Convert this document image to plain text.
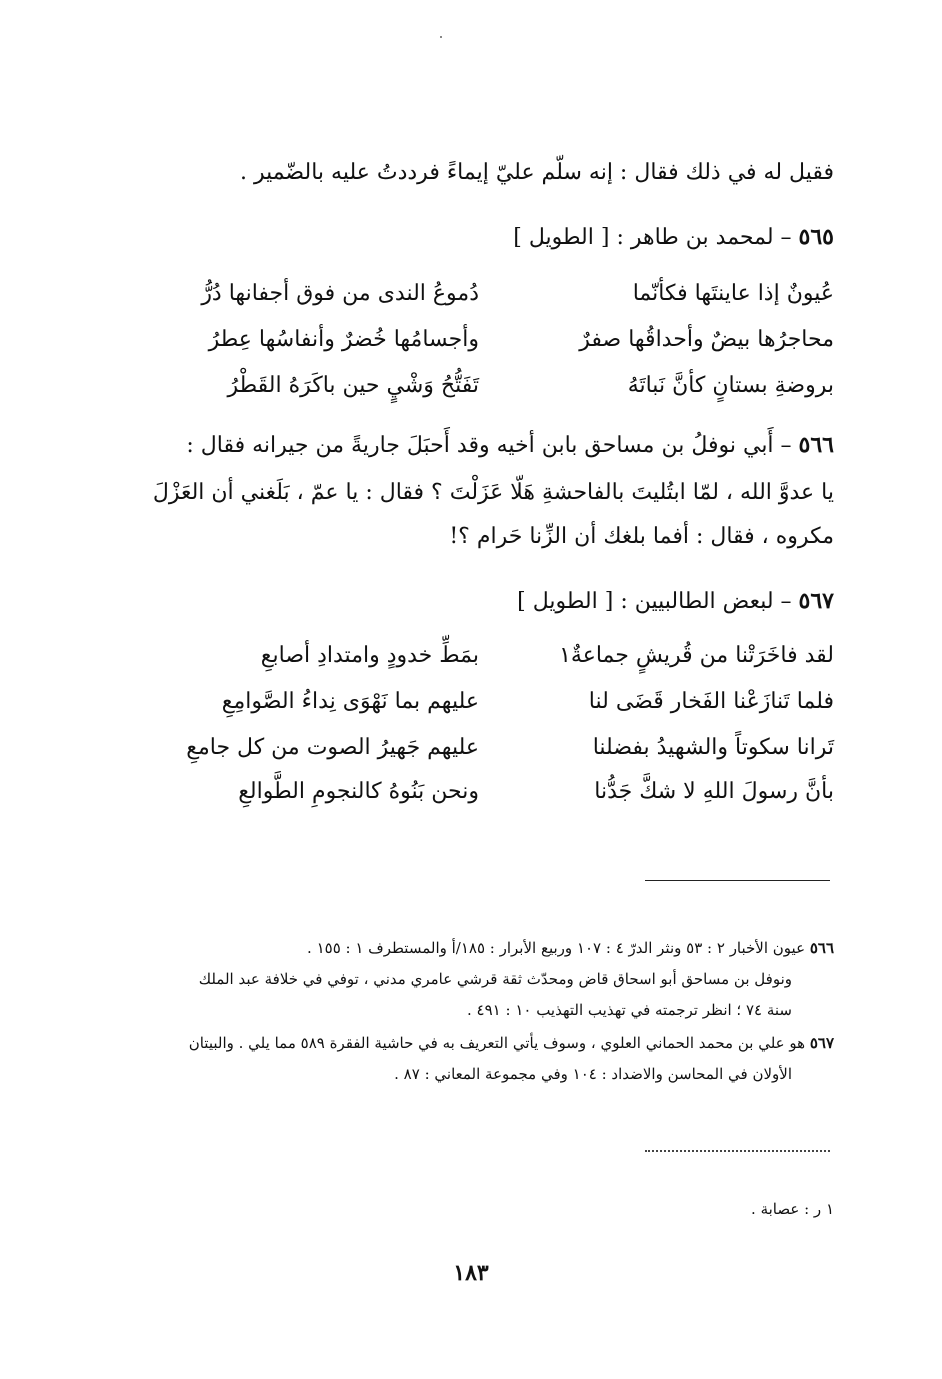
فقيل له في ذلك فقال : إنه سلّم عليّ إيماءً فرددتُ عليه بالضّمير .
٥٦٥ – لمحمد بن طاهر : [ الطويل ]
عُيونٌ إذا عاينتَها فكأنّما
دُموعُ الندى من فوق أجفانها دُرُّ
محاجرُها بيضٌ وأحداقُها صفرٌ
وأجسامُها خُضرٌ وأنفاسُها عِطرُ
بروضةِ بستانٍ كأنَّ نَباتَهُ
تَفَتُّحُ وَشْيٍ حين باكَرَهُ القَطْرُ
٥٦٦ – أَبي نوفلُ بن مساحق بابن أخيه وقد أَحبَلَ جاريةً من جيرانه فقال :
يا عدوَّ الله ، لمّا ابتُليتَ بالفاحشةِ هَلّا عَزَلْتَ ؟ فقال : يا عمّ ، بَلَغني أن العَزْلَ
مكروه ، فقال : أفما بلغك أن الزِّنا حَرام ؟!
٥٦٧ – لبعض الطالبيين : [ الطويل ]
لقد فاخَرَتْنا من قُريشٍ جماعةٌ١
بمَطِّ خدودٍ وامتدادِ أصابعِ
فلما تَنازَعْنا الفَخار قَضَى لنا
عليهم بما نَهْوَى نِداءُ الصَّوامِعِ
تَرانا سكوتاً والشهيدُ بفضلنا
عليهم جَهيرُ الصوت من كل جامعِ
بأنَّ رسولَ اللهِ لا شكَّ جَدُّنا
ونحن بَنُوهُ كالنجومِ الطَّوالعِ
٥٦٦ عيون الأخبار ٢ : ٥٣ ونثر الدرّ ٤ : ١٠٧ وربيع الأبرار : ١٨٥/أ والمستطرف ١ : ١٥٥ .
ونوفل بن مساحق أبو اسحاق قاض ومحدّث ثقة قرشي عامري مدني ، توفي في خلافة عبد الملك
سنة ٧٤ ؛ انظر ترجمته في تهذيب التهذيب ١٠ : ٤٩١ .
٥٦٧ هو علي بن محمد الحماني العلوي ، وسوف يأتي التعريف به في حاشية الفقرة ٥٨٩ مما يلي . والبيتان
الأولان في المحاسن والاضداد : ١٠٤ وفي مجموعة المعاني : ٨٧ .
١ ر : عصابة .
١٨٣
